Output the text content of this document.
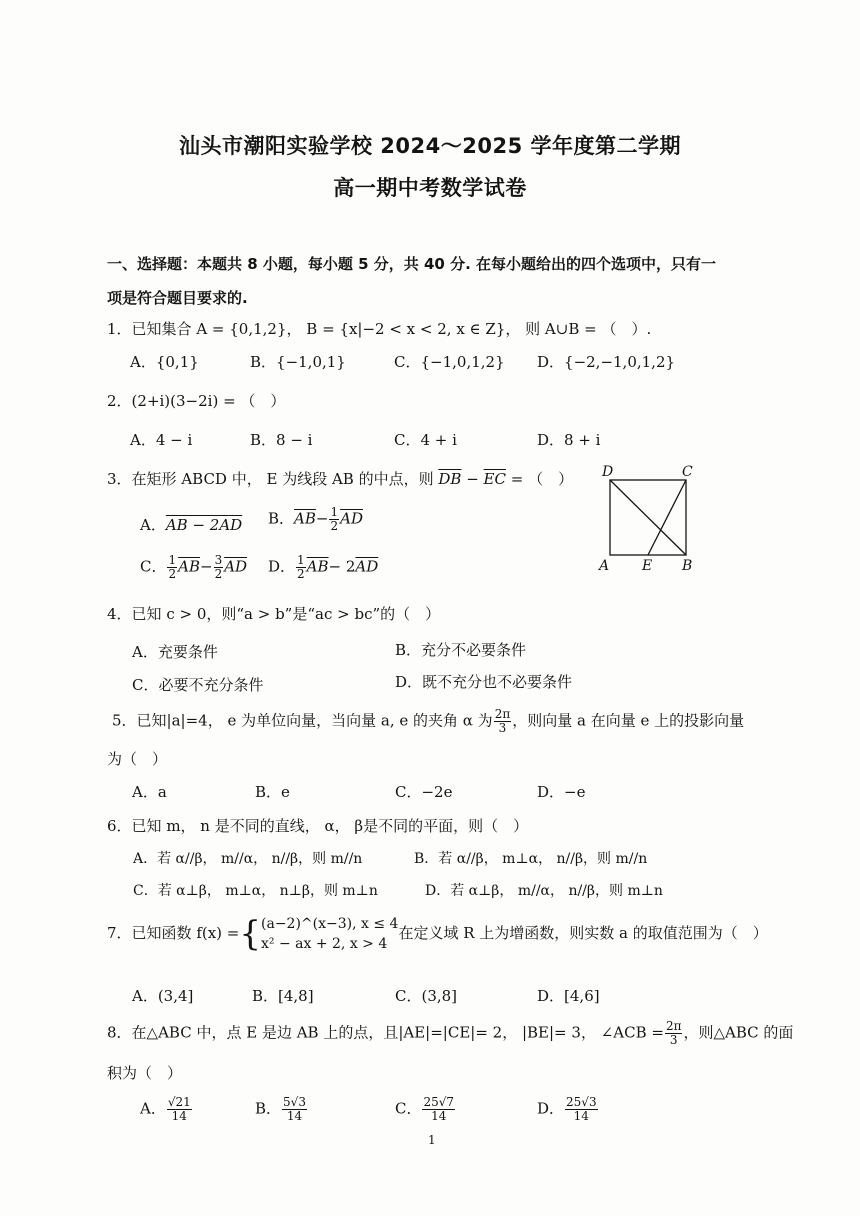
汕头市潮阳实验学校 2024～2025 学年度第二学期
高一期中考数学试卷
一、选择题：本题共 8 小题，每小题 5 分，共 40 分. 在每小题给出的四个选项中，只有一
项是符合题目要求的.
1．已知集合 A = {0,1,2}， B = {x|−2 < x < 2, x ∈ Z}， 则 A∪B = （　）.
A．{0,1}	B．{−1,0,1}	C．{−1,0,1,2} D．{−2,−1,0,1,2}
2．(2+i)(3−2i) = （　）
A．4 − i	B．8 − i	C．4 + i	D．8 + i
3．在矩形 ABCD 中， E 为线段 AB 的中点，则 $\overline{DB} - \overline{EC}$ = （　）
A．AB − 2AD B．$\overline{AB}- \frac{1}{2} \overline{AD}$
C． $\frac{1}{2} \overline{AB}- \frac{3}{2} \overline{AD}$ D． $\frac{1}{2} \overline{AB}- 2\overline{AD}$
D	C
A E B
4．已知 c > 0，则“a > b”是“ac > bc”的（　）
A．充要条件	B．充分不必要条件
C．必要不充分条件	D．既不充分也不必要条件
5．已知|a|=4， e 为单位向量，当向量 a, e 的夹角 α 为 $\frac{2\pi}{3}$ ，则向量 a 在向量 e 上的投影向量
为（　）
A．a	B．e	C．−2e	D．−e
6．已知 m， n 是不同的直线， α， β是不同的平面，则（　）
A．若 α//β， m//α， n//β，则 m//n	B．若 α//β， m⊥α， n//β，则 m//n
C．若 α⊥β， m⊥α， n⊥β，则 m⊥n	D．若 α⊥β， m//α， n//β，则 m⊥n
7．已知函数 f(x) ={ (a−2)^(x−3), x ≤ 4
x² − ax + 2, x > 4
在定义域 R 上为增函数，则实数 a 的取值范围为（　）
A．(3,4]	B．[4,8]	C．(3,8]	D．[4,6]
8．在△ABC 中，点 E 是边 AB 上的点，且|AE|=|CE|= 2， |BE|= 3， ∠ACB = $\frac{2\pi}{3}$ ，则△ABC 的面
积为（　）
A． $\frac{√21}{14}$	B． $\frac{5√3}{14}$	C． $\frac{25√7}{14}$	D． $\frac{25√3}{14}$
1
